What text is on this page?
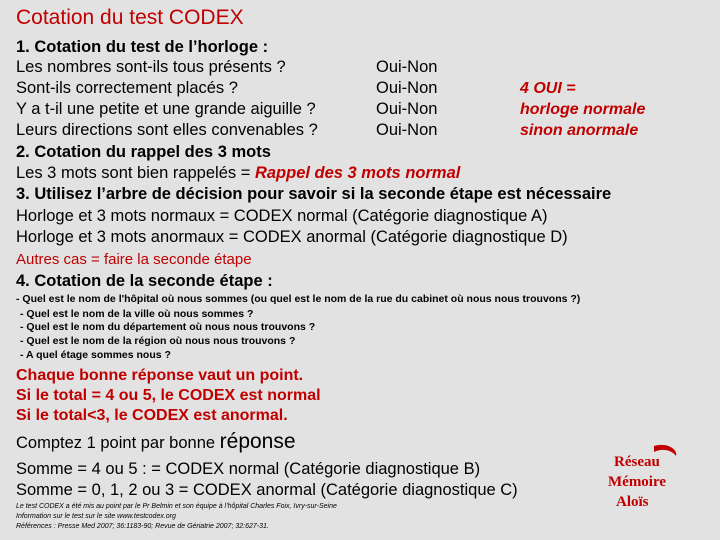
Cotation du test CODEX
1. Cotation du test de l’horloge :
Les nombres sont-ils tous présents ?
Sont-ils correctement placés ?
Y a t-il une petite et une grande aiguille ?
Leurs directions sont elles convenables ?
Oui-Non
Oui-Non
Oui-Non
Oui-Non
4 OUI =
horloge normale
sinon anormale
2. Cotation du rappel des 3 mots
Les 3 mots sont bien rappelés = Rappel des 3 mots normal
3. Utilisez l’arbre de décision pour savoir si la seconde étape est nécessaire
Horloge et 3 mots normaux = CODEX normal (Catégorie diagnostique A)
Horloge et 3 mots anormaux = CODEX anormal (Catégorie diagnostique D)
Autres cas = faire la seconde étape
4. Cotation de la seconde étape :
- Quel est le nom de l'hôpital où nous sommes (ou quel est le nom de la rue du cabinet où nous nous trouvons ?)
- Quel est le nom de la ville où nous sommes ?
- Quel est le nom du département où nous nous trouvons ?
- Quel est le nom de la région où nous nous trouvons ?
- A quel étage sommes nous ?
Chaque bonne réponse vaut un point.
Si le total = 4 ou 5, le CODEX est normal
Si le total<3, le CODEX est anormal.
Comptez 1 point par bonne réponse
Somme = 4 ou 5 : = CODEX normal (Catégorie diagnostique B)
Somme = 0, 1, 2 ou 3 = CODEX anormal (Catégorie diagnostique C)
Le test CODEX a été mis au point par le Pr Belmin et son équipe à l’hôpital Charles Foix, Ivry-sur-Seine
Information sur le test sur le site www.testcodex.org
Références : Presse Med 2007; 36:1183-90; Revue de Gériatrie 2007; 32:627-31.
Réseau
Mémoire
Aloïs
